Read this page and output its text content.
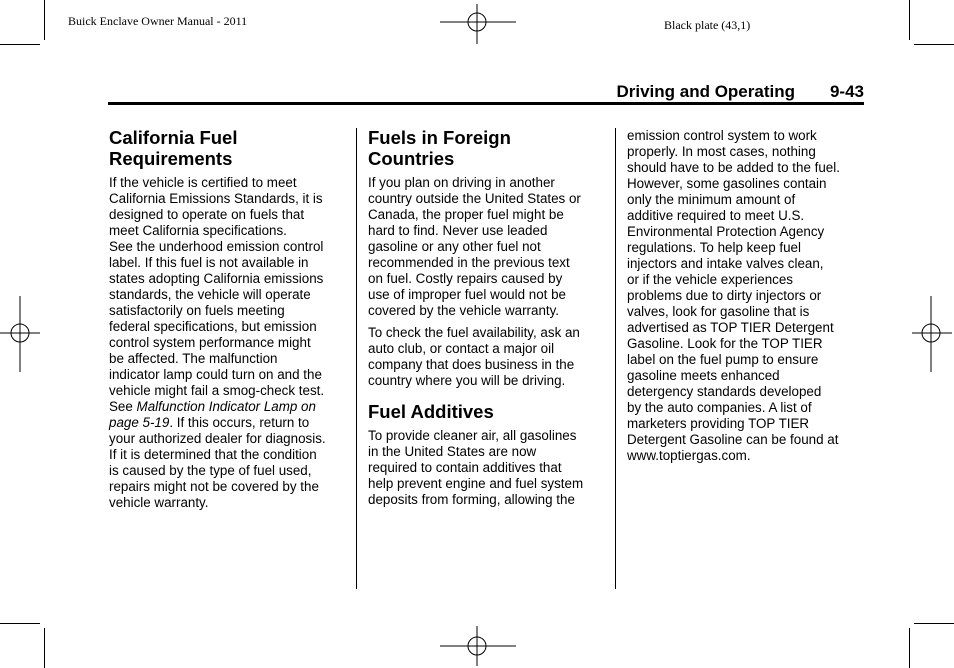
Buick Enclave Owner Manual - 2011	Black plate (43,1)
Driving and Operating 9-43
California Fuel
Requirements

If the vehicle is certified to meet
California Emissions Standards, it is
designed to operate on fuels that
meet California specifications.
See the underhood emission control
label. If this fuel is not available in
states adopting California emissions
standards, the vehicle will operate
satisfactorily on fuels meeting
federal specifications, but emission
control system performance might
be affected. The malfunction
indicator lamp could turn on and the
vehicle might fail a smog-check test.
See Malfunction Indicator Lamp on
page 5‑19. If this occurs, return to
your authorized dealer for diagnosis.
If it is determined that the condition
is caused by the type of fuel used,
repairs might not be covered by the
vehicle warranty.

Fuels in Foreign
Countries

If you plan on driving in another
country outside the United States or
Canada, the proper fuel might be
hard to find. Never use leaded
gasoline or any other fuel not
recommended in the previous text
on fuel. Costly repairs caused by
use of improper fuel would not be
covered by the vehicle warranty.

To check the fuel availability, ask an
auto club, or contact a major oil
company that does business in the
country where you will be driving.

Fuel Additives

To provide cleaner air, all gasolines
in the United States are now
required to contain additives that
help prevent engine and fuel system
deposits from forming, allowing the

emission control system to work
properly. In most cases, nothing
should have to be added to the fuel.
However, some gasolines contain
only the minimum amount of
additive required to meet U.S.
Environmental Protection Agency
regulations. To help keep fuel
injectors and intake valves clean,
or if the vehicle experiences
problems due to dirty injectors or
valves, look for gasoline that is
advertised as TOP TIER Detergent
Gasoline. Look for the TOP TIER
label on the fuel pump to ensure
gasoline meets enhanced
detergency standards developed
by the auto companies. A list of
marketers providing TOP TIER
Detergent Gasoline can be found at
www.toptiergas.com.
